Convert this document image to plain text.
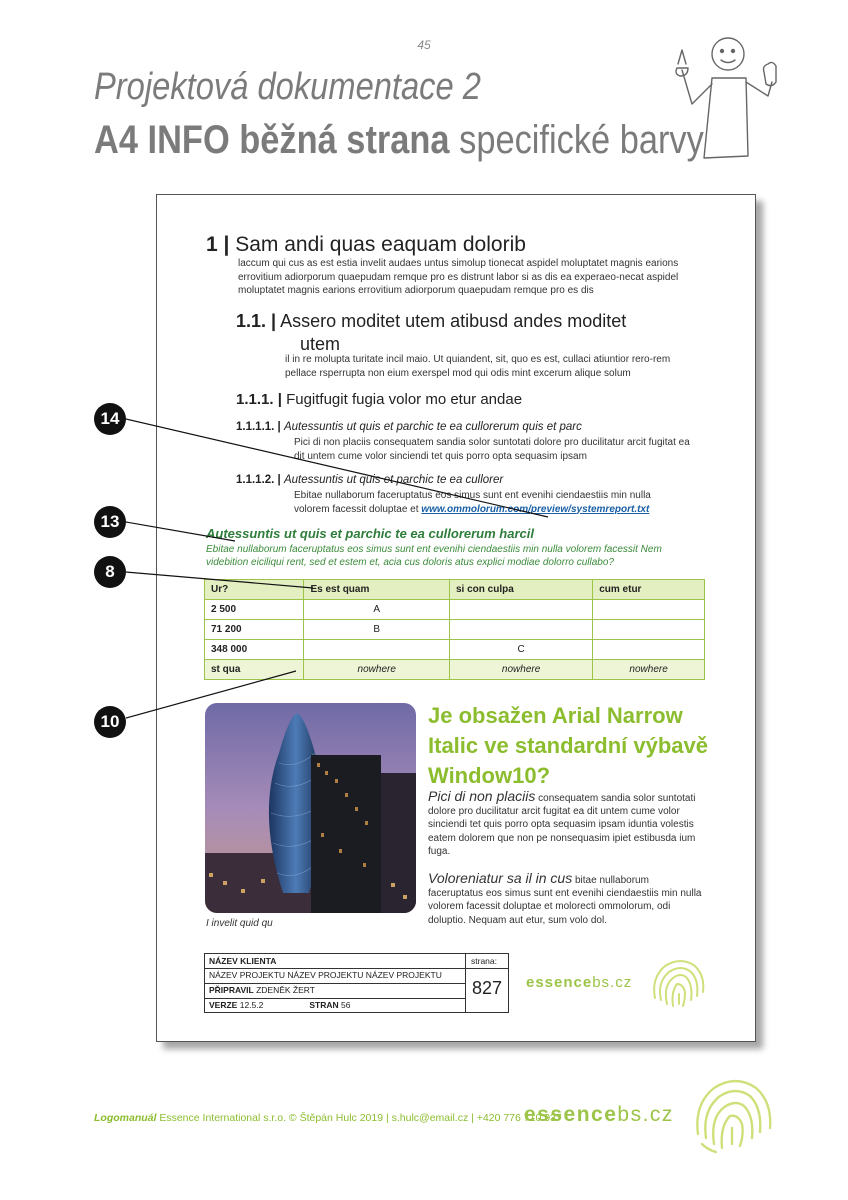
45
Projektová dokumentace 2
A4 INFO běžná strana specifické barvy
1 | Sam andi quas eaquam dolorib
laccum qui cus as est estia invelit audaes untus simolup tionecat aspidel moluptatet magnis earions errovitium adiorporum quaepudam remque pro es distrunt labor si as dis ea experaeo-necat aspidel moluptatet magnis earions errovitium adiorporum quaepudam remque pro es dis
1.1. | Assero moditet utem atibusd andes moditet
utem
il in re molupta turitate incil maio. Ut quiandent, sit, quo es est, cullaci atiuntior rero-rem pellace rsperrupta non eium exerspel mod qui odis mint excerum alique solum
1.1.1. | Fugitfugit fugia volor mo etur andae
1.1.1.1. | Autessuntis ut quis et parchic te ea cullorerum quis et parc
Pici di non placiis consequatem sandia solor suntotati dolore pro ducilitatur arcit fugitat ea dit untem cume volor sinciendi tet quis porro opta sequasim ipsam
1.1.1.2. | Autessuntis ut quis et parchic te ea cullorer
Ebitae nullaborum faceruptatus eos simus sunt ent evenihi ciendaestiis min nulla
volorem facessit doluptae et www.ommolorum.com/preview/systemreport.txt
Autessuntis ut quis et parchic te ea cullorerum harcil
Ebitae nullaborum faceruptatus eos simus sunt ent evenihi ciendaestiis min nulla volorem facessit Nem videbition eiciliqui rent, sed et estem et, acia cus doloris atus explici modiae dolorro cullabo?
Ur?	Es est quam	si con culpa	cum etur
2 500	A		
71 200	B		
348 000		C	
st qua	nowhere	nowhere	nowhere
I invelit quid qu
Je obsažen Arial Narrow Italic ve standardní výbavě Window10?
Pici di non placiis consequatem sandia solor suntotati dolore pro ducilitatur arcit fugitat ea dit untem cume volor sinciendi tet quis porro opta sequasim ipsam iduntia volestis eatem dolorem que non pe nonsequasim ipiet estibusda ium fuga.
Voloreniatur sa il in cus bitae nullaborum faceruptatus eos simus sunt ent evenihi ciendaestiis min nulla volorem facessit doluptae et molorecti ommolorum, odi doluptio. Nequam aut etur, sum volo dol.
NÁZEV KLIENTA
NÁZEV PROJEKTU NÁZEV PROJEKTU NÁZEV PROJEKTU
PŘIPRAVIL ZDENĚK ŽERT
VERZE 12.5.2	STRAN 56
strana:
827	essencebs.cz
14
13
8
10
Logomanuál Essence International s.r.o. © Štěpán Hulc 2019 | s.hulc@email.cz | +420 776 710 937
essencebs.cz
